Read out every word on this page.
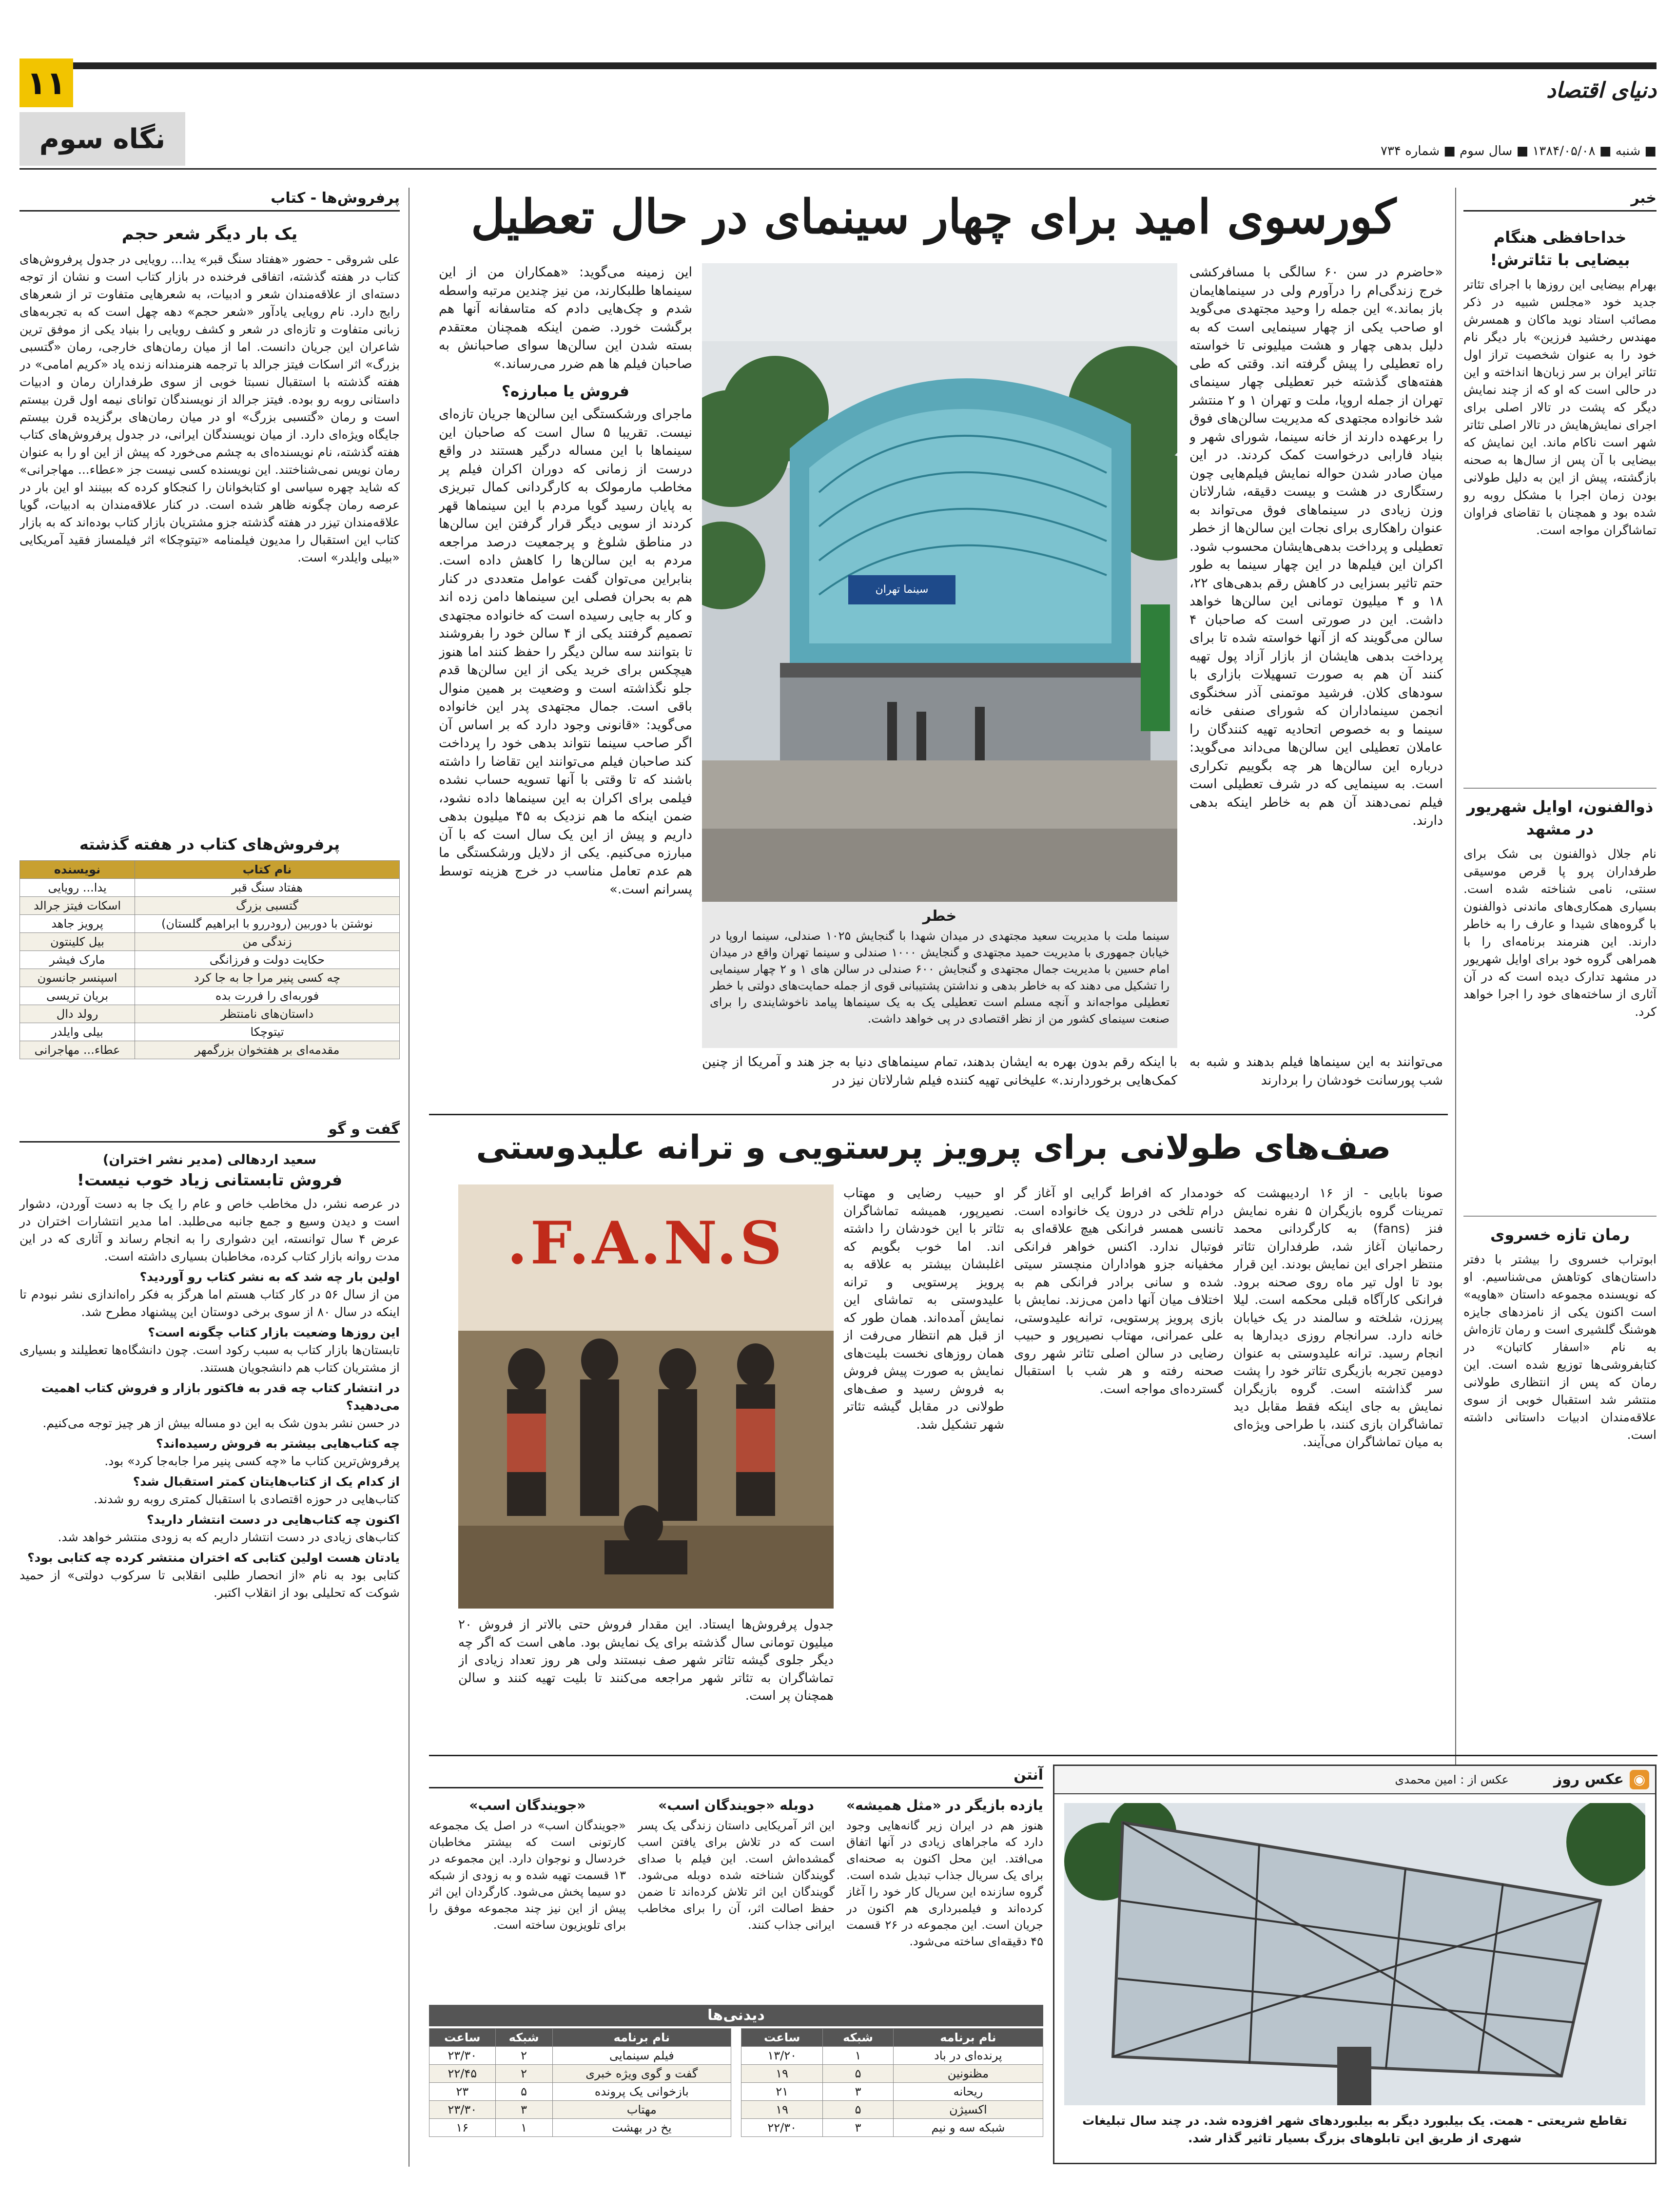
۱۱
نگاه سوم
دنیای اقتصاد
■ شنبه ■ ۱۳۸۴/۰۵/۰۸ ■ سال سوم ■ شماره ۷۳۴
خبر
خداحافظی هنگام بیضایی با تئاترش!
بهرام بیضایی این روزها با اجرای تئاتر جدید خود «مجلس شبیه در ذکر مصائب استاد نوید ماکان و همسرش مهندس رخشید فرزین» بار دیگر نام خود را به عنوان شخصیت تراز اول تئاتر ایران بر سر زبان‌ها انداخته و این در حالی است که او که از چند نمایش دیگر که پشت در تالار اصلی برای اجرای نمایش‌هایش در تالار اصلی تئاتر شهر است ناکام ماند. این نمایش که بیضایی با آن پس از سال‌ها به صحنه بازگشته، پیش از این به دلیل طولانی بودن زمان اجرا با مشکل روبه رو شده بود و همچنان با تقاضای فراوان تماشاگران مواجه است.
ذوالفنون، اوایل شهریور در مشهد
نام جلال ذوالفنون بی شک برای طرفداران پرو پا قرص موسیقی سنتی، نامی شناخته شده است. بسیاری همکاری‌های ماندنی ذوالفنون با گروه‌های شیدا و عارف را به خاطر دارند. این هنرمند برنامه‌ای را با همراهی گروه خود برای اوایل شهریور در مشهد تدارک دیده است که در آن آثاری از ساخته‌های خود را اجرا خواهد کرد.
رمان تازه خسروی
ابوتراب خسروی را بیشتر با دفتر داستان‌های کوتاهش می‌شناسیم. او که نویسنده مجموعه داستان «هاویه» است اکنون یکی از نامزدهای جایزه هوشنگ گلشیری است و رمان تازه‌اش به نام «اسفار کاتبان» در کتابفروشی‌ها توزیع شده است. این رمان که پس از انتظاری طولانی منتشر شد استقبال خوبی از سوی علاقه‌مندان ادبیات داستانی داشته است.
پرفروش‌ها - کتاب
یک بار دیگر شعر حجم
علی شروقی - حضور «هفتاد سنگ قبر» یدا... رویایی در جدول پرفروش‌های کتاب در هفته گذشته، اتفاقی فرخنده در بازار کتاب است و نشان از توجه دسته‌ای از علاقه‌مندان شعر و ادبیات، به شعرهایی متفاوت تر از شعرهای رایج دارد. نام رویایی یادآور «شعر حجم» دهه چهل است که به تجربه‌های زبانی متفاوت و تازه‌ای در شعر و کشف رویایی را بنیاد یکی از موفق ترین شاعران این جریان دانست. اما از میان رمان‌های خارجی، رمان «گتسبی بزرگ» اثر اسکات فیتز جرالد با ترجمه هنرمندانه زنده یاد «کریم امامی» در هفته گذشته با استقبال نسبتا خوبی از سوی طرفداران رمان و ادبیات داستانی روبه رو بوده. فیتز جرالد از نویسندگان توانای نیمه اول قرن بیستم است و رمان «گتسبی بزرگ» او در میان رمان‌های برگزیده قرن بیستم جایگاه ویژه‌ای دارد. از میان نویسندگان ایرانی، در جدول پرفروش‌های کتاب هفته گذشته، نام نویسنده‌ای به چشم می‌خورد که پیش از این او را به عنوان رمان نویس نمی‌شناختند. این نویسنده کسی نیست جز «عطاء... مهاجرانی» که شاید چهره سیاسی او کتابخوانان را کنجکاو کرده که ببینند او این بار در عرصه رمان چگونه ظاهر شده است. در کنار علاقه‌مندان به ادبیات، گویا علاقه‌مندان تیزر در هفته گذشته جزو مشتریان بازار کتاب بوده‌اند که به بازار کتاب این استقبال را مدیون فیلمنامه «تیتوچکا» اثر فیلمساز فقید آمریکایی «بیلی وایلدر» است.
پرفروش‌های کتاب در هفته گذشته
نام کتاب	نویسنده
هفتاد سنگ قبر	یدا... رویایی
گتسبی بزرگ	اسکات فیتز جرالد
نوشتن با دوربین (رودررو با ابراهیم گلستان)	پرویز جاهد
زندگی من	بیل کلینتون
حکایت دولت و فرزانگی	مارک فیشر
چه کسی پنیر مرا جا به جا کرد	اسپنسر جانسون
فوربه‌ای را فررت بده	بریان تریسی
داستان‌های نامنتظر	رولد دال
تیتوچکا	بیلی وایلدر
مقدمه‌ای بر هفتخوان بزرگمهر	عطاء... مهاجرانی
گفت و گو
سعید اردهالی (مدیر نشر اختران)
فروش تابستانی زیاد خوب نیست!
در عرصه نشر، دل مخاطب خاص و عام را یک جا به دست آوردن، دشوار است و دیدن وسیع و جمع جانبه می‌طلبد. اما مدیر انتشارات اختران در عرض ۴ سال توانسته، این دشواری را به انجام رساند و آثاری که در این مدت روانه بازار کتاب کرده، مخاطبان بسیاری داشته است.
اولین بار چه شد که به نشر کتاب رو آوردید؟
من از سال ۵۶ در کار کتاب هستم اما هرگز به فکر راه‌اندازی نشر نبودم تا اینکه در سال ۸۰ از سوی برخی دوستان این پیشنهاد مطرح شد.
این روزها وضعیت بازار کتاب چگونه است؟
تابستان‌ها بازار کتاب به سبب رکود است. چون دانشگاه‌ها تعطیلند و بسیاری از مشتریان کتاب هم دانشجویان هستند.
در انتشار کتاب چه قدر به فاکتور بازار و فروش کتاب اهمیت می‌دهید؟
در حسن نشر بدون شک به این دو مساله بیش از هر چیز توجه می‌کنیم.
چه کتاب‌هایی بیشتر به فروش رسیده‌اند؟
پرفروش‌ترین کتاب ما «چه کسی پنیر مرا جابه‌جا کرد» بود.
از کدام یک از کتاب‌هایتان کمتر استقبال شد؟
کتاب‌هایی در حوزه اقتصادی با استقبال کمتری روبه رو شدند.
اکنون چه کتاب‌هایی در دست انتشار دارید؟
کتاب‌های زیادی در دست انتشار داریم که به زودی منتشر خواهد شد.
یادتان هست اولین کتابی که اختران منتشر کرده چه کتابی بود؟
کتابی بود به نام «از انحصار طلبی انقلابی تا سرکوب دولتی» از حمید شوکت که تحلیلی بود از انقلاب اکتبر.
کورسوی امید برای چهار سینمای در حال تعطیل
«حاضرم در سن ۶۰ سالگی با مسافرکشی خرج زندگی‌ام را درآورم ولی در سینماهایمان باز بماند.» این جمله را وحید مجتهدی می‌گوید او صاحب یکی از چهار سینمایی است که به دلیل بدهی چهار و هشت میلیونی تا خواسته راه تعطیلی را پیش گرفته اند. وقتی که طی هفته‌های گذشته خبر تعطیلی چهار سینمای تهران از جمله اروپا، ملت و تهران ۱ و ۲ منتشر شد خانواده مجتهدی که مدیریت سالن‌های فوق را برعهده دارند از خانه سینما، شورای شهر و بنیاد فارابی درخواست کمک کردند. در این میان صادر شدن حواله نمایش فیلم‌هایی چون رستگاری در هشت و بیست دقیقه، شارلاتان وزن زیادی در سینماهای فوق می‌تواند به عنوان راهکاری برای نجات این سالن‌ها از خطر تعطیلی و پرداخت بدهی‌هایشان محسوب شود. اکران این فیلم‌ها در این چهار سینما به طور حتم تاثیر بسزایی در کاهش رقم بدهی‌های ۲۲، ۱۸ و ۴ میلیون تومانی این سالن‌ها خواهد داشت. این در صورتی است که صاحبان ۴ سالن می‌گویند که از آنها خواسته شده تا برای پرداخت بدهی هایشان از بازار آزاد پول تهیه کنند آن هم به صورت تسهیلات بازاری با سودهای کلان. فرشید موتمنی آذر سخنگوی انجمن سینماداران که شورای صنفی خانه سینما و به خصوص اتحادیه تهیه کنندگان را عاملان تعطیلی این سالن‌ها می‌داند می‌گوید: درباره این سالن‌ها هر چه بگوییم تکراری است. به سینمایی که در شرف تعطیلی است فیلم نمی‌دهند آن هم به خاطر اینکه بدهی دارند.
سینما تهران
خطر
سینما ملت با مدیریت سعید مجتهدی در میدان شهدا با گنجایش ۱۰۲۵ صندلی، سینما اروپا در خیابان جمهوری با مدیریت حمید مجتهدی و گنجایش ۱۰۰۰ صندلی و سینما تهران واقع در میدان امام حسین با مدیریت جمال مجتهدی و گنجایش ۶۰۰ صندلی در سالن های ۱ و ۲ چهار سینمایی را تشکیل می دهند که به خاطر بدهی و نداشتن پشتیبانی قوی از جمله حمایت‌های دولتی با خطر تعطیلی مواجه‌اند و آنچه مسلم است تعطیلی یک به یک سینماها پیامد ناخوشایندی را برای صنعت سینمای کشور من از نظر اقتصادی در پی خواهد داشت.
این زمینه می‌گوید: «همکاران من از این سینماها طلبکارند، من نیز چندین مرتبه واسطه شدم و چک‌هایی دادم که متاسفانه آنها هم برگشت خورد. ضمن اینکه همچنان معتقدم بسته شدن این سالن‌ها سوای صاحبانش به صاحبان فیلم ها هم ضرر می‌رساند.»
فروش یا مبارزه؟
ماجرای ورشکستگی این سالن‌ها جریان تازه‌ای نیست. تقریبا ۵ سال است که صاحبان این سینماها با این مساله درگیر هستند در واقع درست از زمانی که دوران اکران فیلم پر مخاطب مارمولک به کارگردانی کمال تبریزی به پایان رسید گویا مردم با این سینماها قهر کردند از سویی دیگر قرار گرفتن این سالن‌ها در مناطق شلوغ و پرجمعیت درصد مراجعه مردم به این سالن‌ها را کاهش داده است. بنابراین می‌توان گفت عوامل متعددی در کنار هم به بحران فصلی این سینماها دامن زده اند و کار به جایی رسیده است که خانواده مجتهدی تصمیم گرفتند یکی از ۴ سالن خود را بفروشند تا بتوانند سه سالن دیگر را حفظ کنند اما هنوز هیچکس برای خرید یکی از این سالن‌ها قدم جلو نگذاشته است و وضعیت بر همین منوال باقی است. جمال مجتهدی پدر این خانواده می‌گوید: «قانونی وجود دارد که بر اساس آن اگر صاحب سینما نتواند بدهی خود را پرداخت کند صاحبان فیلم می‌توانند این تقاضا را داشته باشند که تا وقتی با آنها تسویه حساب نشده فیلمی برای اکران به این سینماها داده نشود، ضمن اینکه ما هم نزدیک به ۴۵ میلیون بدهی داریم و پیش از این یک سال است که با آن مبارزه می‌کنیم. یکی از دلایل ورشکستگی ما هم عدم تعامل مناسب در خرج هزینه توسط پسرانم است.»
با اینکه رقم بدون بهره به ایشان بدهند، تمام سینماهای دنیا به جز هند و آمریکا از چنین کمک‌هایی برخوردارند.» علیخانی تهیه کننده فیلم شارلاتان نیز در
می‌توانند به این سینماها فیلم بدهند و شبه به شب پورسانت خودشان را بردارند
صف‌های طولانی برای پرویز پرستویی و ترانه علیدوستی
صونا بابایی - از ۱۶ اردیبهشت که تمرینات گروه بازیگران ۵ نفره نمایش فنز (fans) به کارگردانی محمد رحمانیان آغاز شد، طرفداران تئاتر منتظر اجرای این نمایش بودند. این قرار بود تا اول تیر ماه روی صحنه برود. فرانکی کارآگاه قبلی محکمه است. لیلا پیرزن، شلخته و سالمند در یک خیابان خانه دارد. سرانجام روزی دیدارها به انجام رسید. ترانه علیدوستی به عنوان دومین تجربه بازیگری تئاتر خود را پشت سر گذاشته است. گروه بازیگران نمایش به جای اینکه فقط مقابل دید تماشاگران بازی کنند، با طراحی ویژه‌ای به میان تماشاگران می‌آیند.
خودمدار که افراط گرایی او آغاز گر درام تلخی در درون یک خانواده است. تانسی همسر فرانکی هیچ علاقه‌ای به فوتبال ندارد. اکنس خواهر فرانکی مخفیانه جزو هواداران منچستر سیتی شده و سانی برادر فرانکی هم به اختلاف میان آنها دامن می‌زند. نمایش با بازی پرویز پرستویی، ترانه علیدوستی، علی عمرانی، مهتاب نصیرپور و حبیب رضایی در سالن اصلی تئاتر شهر روی صحنه رفته و هر شب با استقبال گسترده‌ای مواجه است.
او حبیب رضایی و مهتاب نصیرپور، همیشه تماشاگران تئاتر با این خودشان را داشته اند. اما خوب بگویم که اغلبشان بیشتر به علاقه به پرویز پرستویی و ترانه علیدوستی به تماشای این نمایش آمده‌اند. همان طور که از قبل هم انتظار می‌رفت از همان روزهای نخست بلیت‌های نمایش به صورت پیش فروش به فروش رسید و صف‌های طولانی در مقابل گیشه تئاتر شهر تشکیل شد.
F.A.N.S.
جدول پرفروش‌ها ایستاد. این مقدار فروش حتی بالاتر از فروش ۲۰ میلیون تومانی سال گذشته برای یک نمایش بود. ماهی است که اگر چه دیگر جلوی گیشه تئاتر شهر صف نبستند ولی هر روز تعداد زیادی از تماشاگران به تئاتر شهر مراجعه می‌کنند تا بلیت تهیه کنند و سالن همچنان پر است.
آنتن
یازده بازیگر در «مثل همیشه»
هنوز هم در ایران زیر گانه‌هایی وجود دارد که ماجراهای زیادی در آنها اتفاق می‌افتد. این محل اکنون به صحنه‌ای برای یک سریال جذاب تبدیل شده است. گروه سازنده این سریال کار خود را آغاز کرده‌اند و فیلمبرداری هم اکنون در جریان است. این مجموعه در ۲۶ قسمت ۴۵ دقیقه‌ای ساخته می‌شود.
دوبله «جویندگان اسب»
این اثر آمریکایی داستان زندگی یک پسر است که در تلاش برای یافتن اسب گمشده‌اش است. این فیلم با صدای گویندگان شناخته شده دوبله می‌شود. گویندگان این اثر تلاش کرده‌اند تا ضمن حفظ اصالت اثر، آن را برای مخاطب ایرانی جذاب کنند.
«جویندگان اسب»
«جویندگان اسب» در اصل یک مجموعه کارتونی است که بیشتر مخاطبان خردسال و نوجوان دارد. این مجموعه در ۱۳ قسمت تهیه شده و به زودی از شبکه دو سیما پخش می‌شود. کارگردان این اثر پیش از این نیز چند مجموعه موفق را برای تلویزیون ساخته است.
دیدنی‌ها
نام برنامه	شبکه	ساعت
پرنده‌ای در باد	۱	۱۳/۲۰
مظنونین	۵	۱۹
ریحانه	۳	۲۱
اکسیژن	۵	۱۹
شبکه سه و نیم	۳	۲۲/۳۰
نام برنامه	شبکه	ساعت
فیلم سینمایی	۲	۲۳/۳۰
گفت و گوی ویژه خبری	۲	۲۲/۴۵
بازخوانی یک پرونده	۵	۲۳
مهتاب	۳	۲۳/۳۰
یخ در بهشت	۱	۱۶
◉
عکس روز
عکس از : امین محمدی
تقاطع شریعتی - همت. یک بیلبورد دیگر به بیلبوردهای شهر افزوده شد. در چند سال تبلیغات شهری از طریق این تابلوهای بزرگ بسیار تاثیر گذار شد.
